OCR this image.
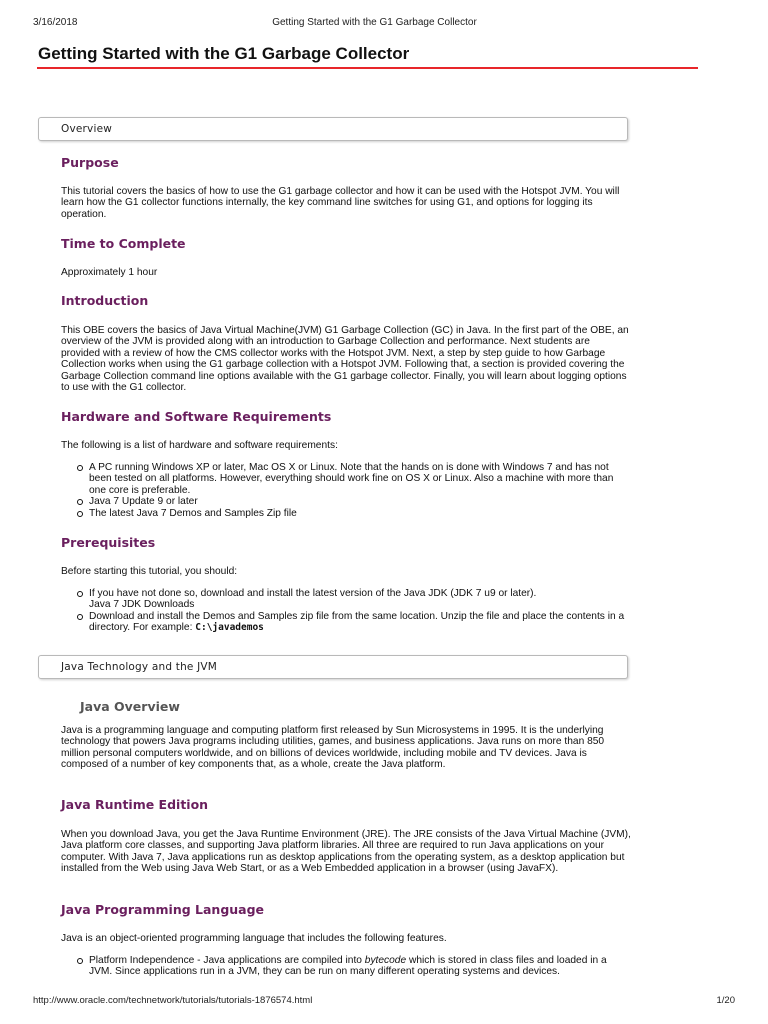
3/16/2018	Getting Started with the G1 Garbage Collector
Getting Started with the G1 Garbage Collector
Overview
Purpose

This tutorial covers the basics of how to use the G1 garbage collector and how it can be used with the Hotspot JVM. You will learn how the G1 collector functions internally, the key command line switches for using G1, and options for logging its operation.

Time to Complete

Approximately 1 hour

Introduction

This OBE covers the basics of Java Virtual Machine(JVM) G1 Garbage Collection (GC) in Java. In the first part of the OBE, an overview of the JVM is provided along with an introduction to Garbage Collection and performance. Next students are provided with a review of how the CMS collector works with the Hotspot JVM. Next, a step by step guide to how Garbage Collection works when using the G1 garbage collection with a Hotspot JVM. Following that, a section is provided covering the Garbage Collection command line options available with the G1 garbage collector. Finally, you will learn about logging options to use with the G1 collector.

Hardware and Software Requirements

The following is a list of hardware and software requirements:

A PC running Windows XP or later, Mac OS X or Linux. Note that the hands on is done with Windows 7 and has not been tested on all platforms. However, everything should work fine on OS X or Linux. Also a machine with more than one core is preferable.
Java 7 Update 9 or later
The latest Java 7 Demos and Samples Zip file
Prerequisites

Before starting this tutorial, you should:

If you have not done so, download and install the latest version of the Java JDK (JDK 7 u9 or later).
Java 7 JDK Downloads
Download and install the Demos and Samples zip file from the same location. Unzip the file and place the contents in a directory. For example: C:\javademos
Java Technology and the JVM
Java Overview

Java is a programming language and computing platform first released by Sun Microsystems in 1995. It is the underlying technology that powers Java programs including utilities, games, and business applications. Java runs on more than 850 million personal computers worldwide, and on billions of devices worldwide, including mobile and TV devices. Java is composed of a number of key components that, as a whole, create the Java platform.

Java Runtime Edition

When you download Java, you get the Java Runtime Environment (JRE). The JRE consists of the Java Virtual Machine (JVM), Java platform core classes, and supporting Java platform libraries. All three are required to run Java applications on your computer. With Java 7, Java applications run as desktop applications from the operating system, as a desktop application but installed from the Web using Java Web Start, or as a Web Embedded application in a browser (using JavaFX).

Java Programming Language

Java is an object-oriented programming language that includes the following features.

Platform Independence - Java applications are compiled into bytecode which is stored in class files and loaded in a JVM. Since applications run in a JVM, they can be run on many different operating systems and devices.
http://www.oracle.com/technetwork/tutorials/tutorials-1876574.html	1/20
